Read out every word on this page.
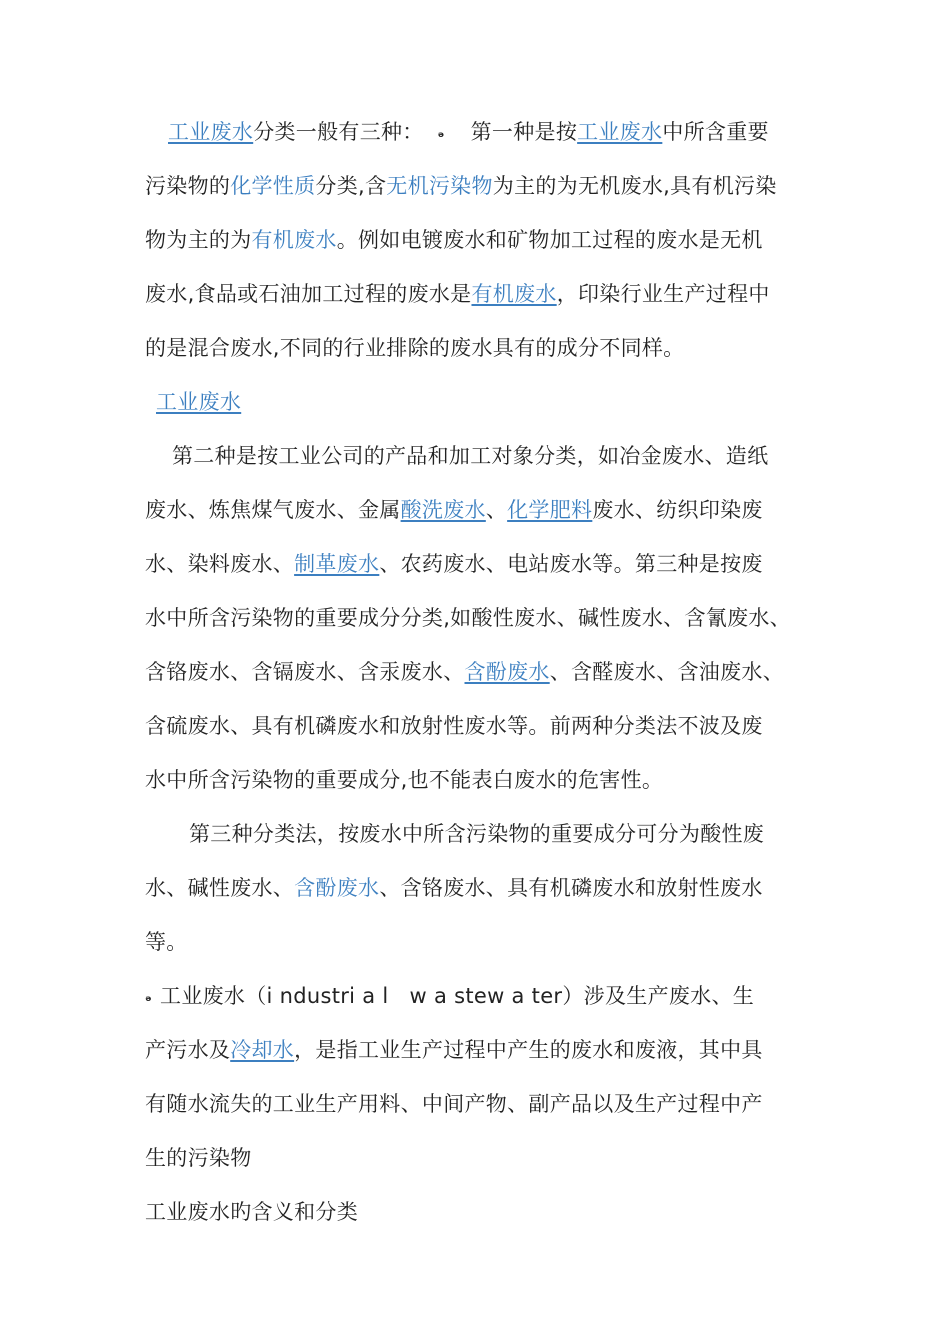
工业废水分类一般有三种： ₔ 第一种是按工业废水中所含重要
污染物的化学性质分类,含无机污染物为主的为无机废水,具有机污染
物为主的为有机废水。例如电镀废水和矿物加工过程的废水是无机
废水,食品或石油加工过程的废水是有机废水，印染行业生产过程中
的是混合废水,不同的行业排除的废水具有的成分不同样。
工业废水
第二种是按工业公司的产品和加工对象分类，如冶金废水、造纸
废水、炼焦煤气废水、金属酸洗废水、化学肥料废水、纺织印染废
水、染料废水、制革废水、农药废水、电站废水等。第三种是按废
水中所含污染物的重要成分分类,如酸性废水、碱性废水、含氰废水、
含铬废水、含镉废水、含汞废水、含酚废水、含醛废水、含油废水、
含硫废水、具有机磷废水和放射性废水等。前两种分类法不波及废
水中所含污染物的重要成分,也不能表白废水的危害性。
第三种分类法，按废水中所含污染物的重要成分可分为酸性废
水、碱性废水、含酚废水、含铬废水、具有机磷废水和放射性废水
等。
ₔ 工业废水（i ndustri a l   w a stew a ter）涉及生产废水、生
产污水及冷却水，是指工业生产过程中产生的废水和废液，其中具
有随水流失的工业生产用料、中间产物、副产品以及生产过程中产
生的污染物
工业废水旳含义和分类
